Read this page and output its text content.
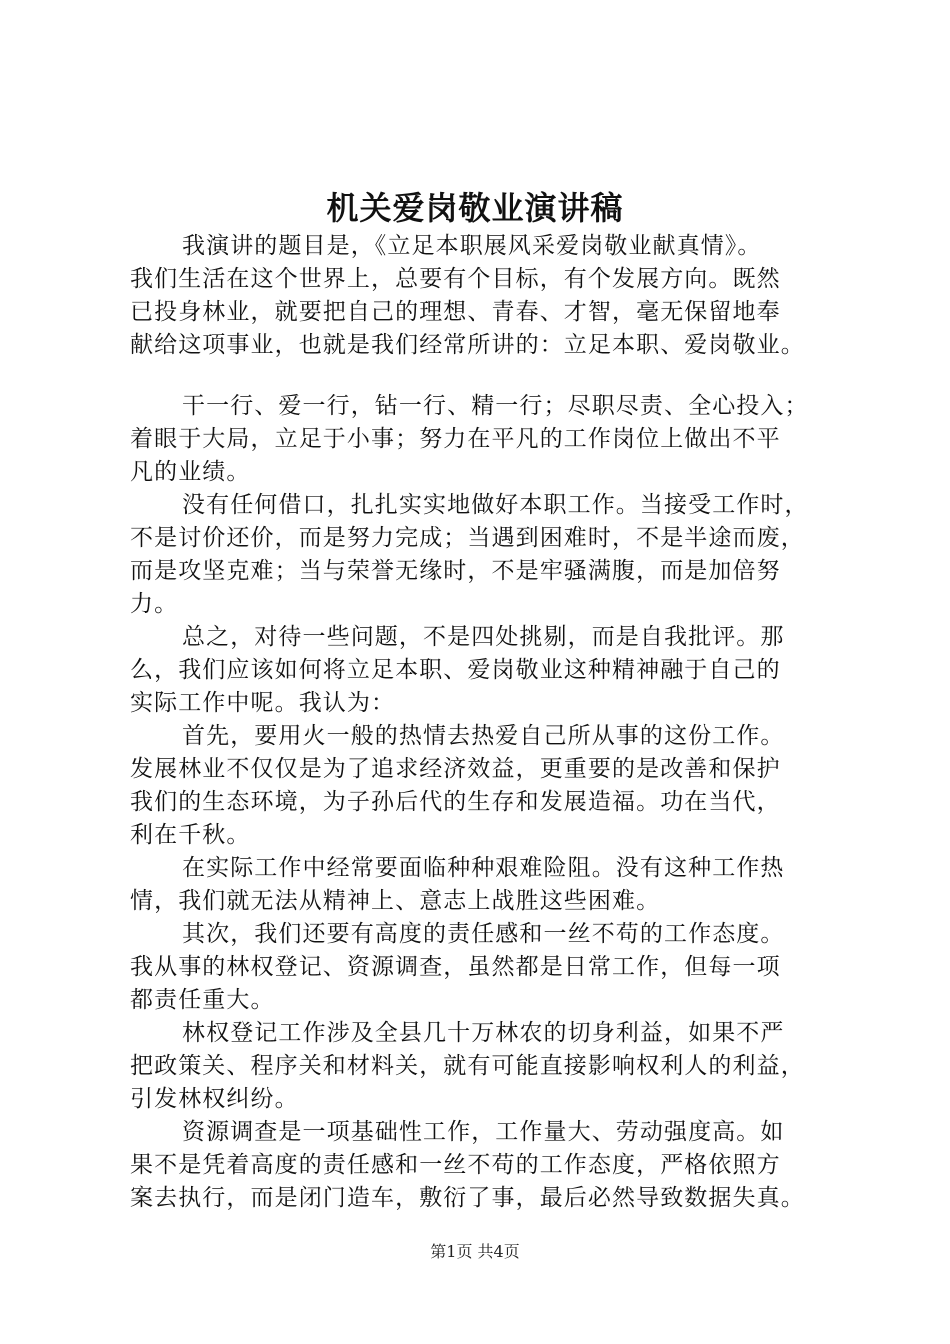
机关爱岗敬业演讲稿
我演讲的题目是，《立足本职展风采爱岗敬业献真情》。
我们生活在这个世界上，总要有个目标，有个发展方向。既然
已投身林业，就要把自己的理想、青春、才智，毫无保留地奉
献给这项事业，也就是我们经常所讲的：立足本职、爱岗敬业。
干一行、爱一行，钻一行、精一行；尽职尽责、全心投入；
着眼于大局，立足于小事；努力在平凡的工作岗位上做出不平
凡的业绩。
没有任何借口，扎扎实实地做好本职工作。当接受工作时，
不是讨价还价，而是努力完成；当遇到困难时，不是半途而废，
而是攻坚克难；当与荣誉无缘时，不是牢骚满腹，而是加倍努
力。
总之，对待一些问题，不是四处挑剔，而是自我批评。那
么，我们应该如何将立足本职、爱岗敬业这种精神融于自己的
实际工作中呢。我认为：
首先，要用火一般的热情去热爱自己所从事的这份工作。
发展林业不仅仅是为了追求经济效益，更重要的是改善和保护
我们的生态环境，为子孙后代的生存和发展造福。功在当代，
利在千秋。
在实际工作中经常要面临种种艰难险阻。没有这种工作热
情，我们就无法从精神上、意志上战胜这些困难。
其次，我们还要有高度的责任感和一丝不苟的工作态度。
我从事的林权登记、资源调查，虽然都是日常工作，但每一项
都责任重大。
林权登记工作涉及全县几十万林农的切身利益，如果不严
把政策关、程序关和材料关，就有可能直接影响权利人的利益，
引发林权纠纷。
资源调查是一项基础性工作，工作量大、劳动强度高。如
果不是凭着高度的责任感和一丝不苟的工作态度，严格依照方
案去执行，而是闭门造车，敷衍了事，最后必然导致数据失真。
第1页 共4页
